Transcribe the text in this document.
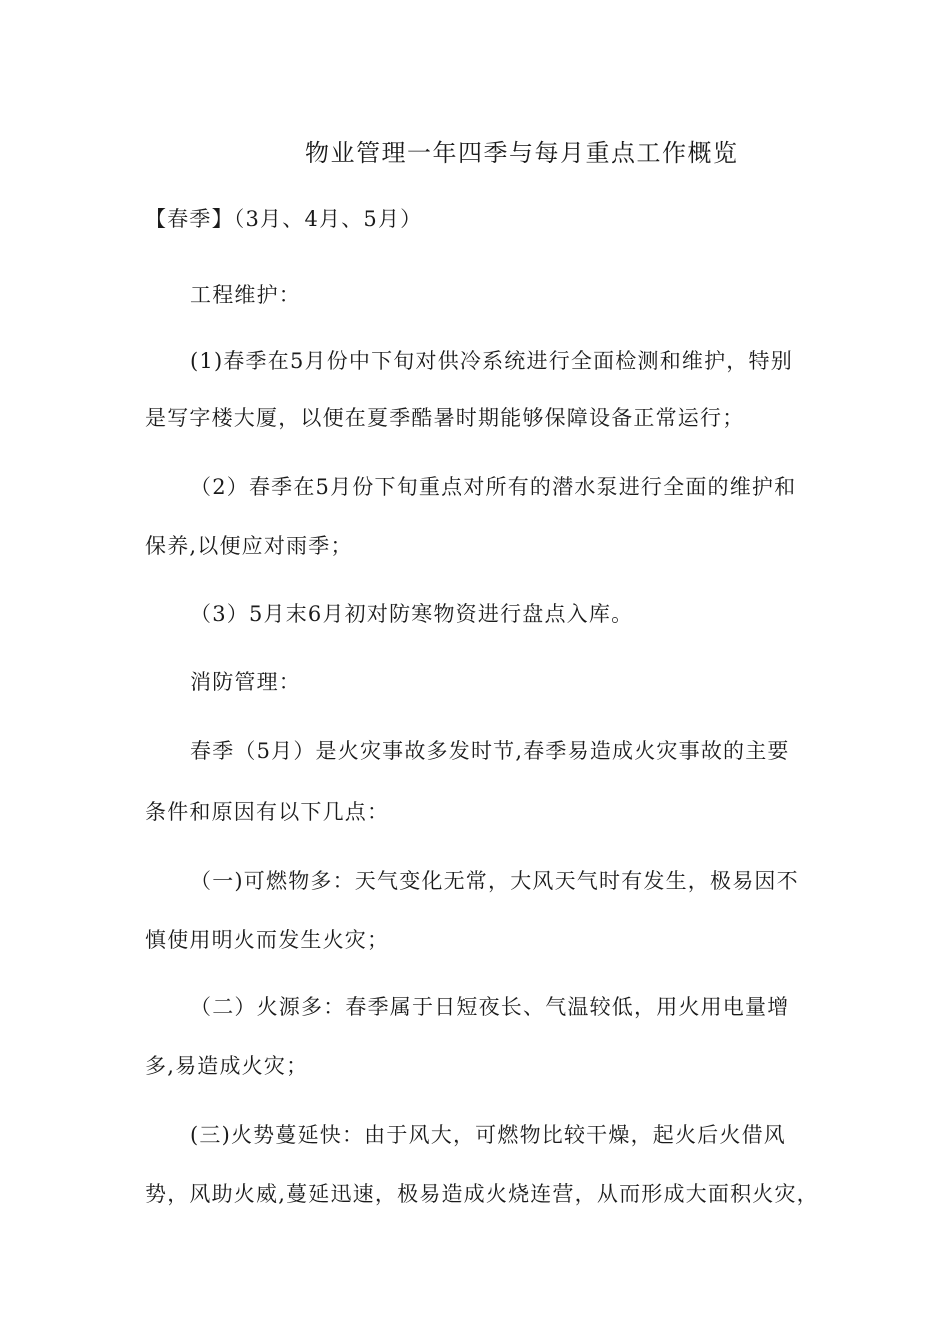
物业管理一年四季与每月重点工作概览
【春季】（3月、4月、5月）
工程维护：
(1)春季在5月份中下旬对供冷系统进行全面检测和维护，特别
是写字楼大厦，以便在夏季酷暑时期能够保障设备正常运行；
（2）春季在5月份下旬重点对所有的潜水泵进行全面的维护和
保养,以便应对雨季；
（3）5月末6月初对防寒物资进行盘点入库。
消防管理：
春季（5月）是火灾事故多发时节,春季易造成火灾事故的主要
条件和原因有以下几点：
（一)可燃物多：天气变化无常，大风天气时有发生，极易因不
慎使用明火而发生火灾；
（二）火源多：春季属于日短夜长、气温较低，用火用电量增
多,易造成火灾；
(三)火势蔓延快：由于风大，可燃物比较干燥，起火后火借风
势，风助火威,蔓延迅速，极易造成火烧连营，从而形成大面积火灾，
